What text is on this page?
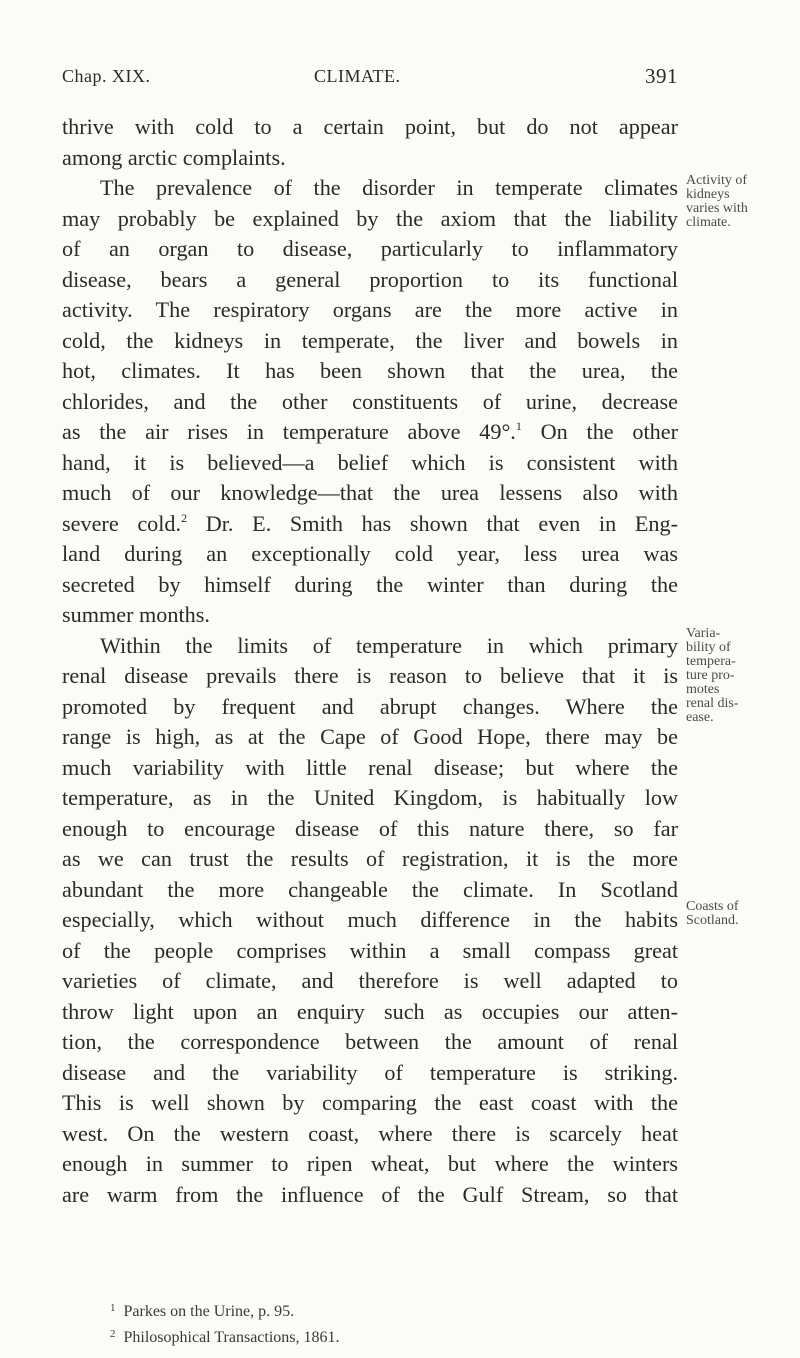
Chap. XIX.	CLIMATE.	391
thrive with cold to a certain point, but do not appear
among arctic complaints.
The prevalence of the disorder in temperate climates
may probably be explained by the axiom that the liability
of an organ to disease, particularly to inflammatory
disease, bears a general proportion to its functional
activity. The respiratory organs are the more active in
cold, the kidneys in temperate, the liver and bowels in
hot, climates. It has been shown that the urea, the
chlorides, and the other constituents of urine, decrease
as the air rises in temperature above 49°.$^1$ On the other
hand, it is believed—a belief which is consistent with
much of our knowledge—that the urea lessens also with
severe cold.$^2$ Dr. E. Smith has shown that even in Eng-
land during an exceptionally cold year, less urea was
secreted by himself during the winter than during the
summer months.
Within the limits of temperature in which primary
renal disease prevails there is reason to believe that it is
promoted by frequent and abrupt changes. Where the
range is high, as at the Cape of Good Hope, there may be
much variability with little renal disease; but where the
temperature, as in the United Kingdom, is habitually low
enough to encourage disease of this nature there, so far
as we can trust the results of registration, it is the more
abundant the more changeable the climate. In Scotland
especially, which without much difference in the habits
of the people comprises within a small compass great
varieties of climate, and therefore is well adapted to
throw light upon an enquiry such as occupies our atten-
tion, the correspondence between the amount of renal
disease and the variability of temperature is striking.
This is well shown by comparing the east coast with the
west. On the western coast, where there is scarcely heat
enough in summer to ripen wheat, but where the winters
are warm from the influence of the Gulf Stream, so that
Activity of
kidneys
varies with
climate.
Varia-
bility of
tempera-
ture pro-
motes
renal dis-
ease.
Coasts of
Scotland.
$^1$ Parkes on the Urine, p. 95.
$^2$ Philosophical Transactions, 1861.
